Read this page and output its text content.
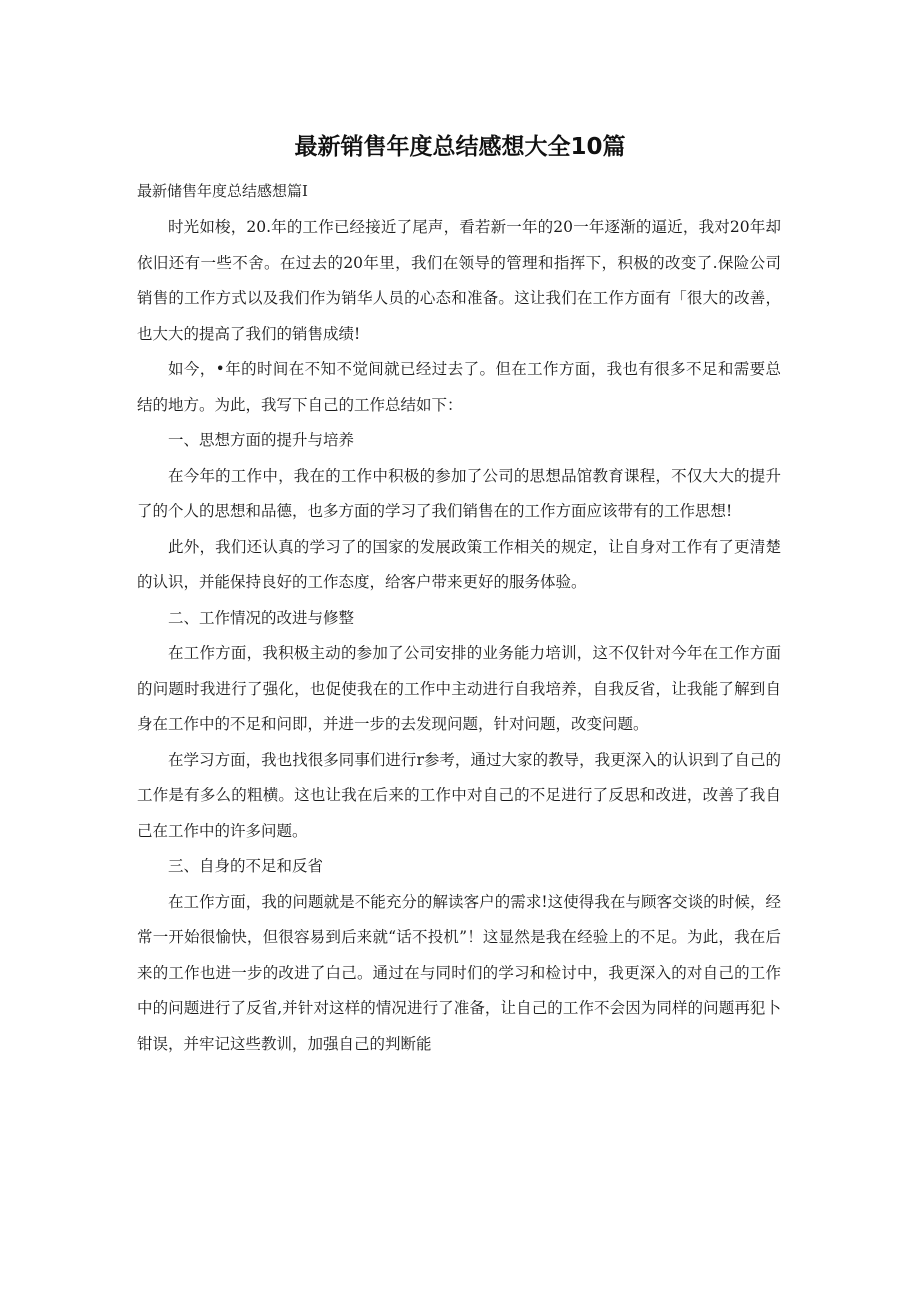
最新销售年度总结感想大全10篇
最新储售年度总结感想篇I

时光如梭，20.年的工作已经接近了尾声，看若新一年的20一年逐渐的逼近，我对20年却依旧还有一些不舍。在过去的20年里，我们在领导的管理和指挥下，积极的改变了.保险公司销售的工作方式以及我们作为销华人员的心态和准备。这让我们在工作方面有「很大的改善，也大大的提高了我们的销售成绩!

如今，•年的时间在不知不觉间就已经过去了。但在工作方面，我也有很多不足和需要总结的地方。为此，我写下自己的工作总结如下：

一、思想方面的提升与培养

在今年的工作中，我在的工作中积极的参加了公司的思想品馆教育课程，不仅大大的提升了的个人的思想和品德，也多方面的学习了我们销售在的工作方面应该带有的工作思想!

此外，我们还认真的学习了的国家的发展政策工作相关的规定，让自身对工作有了更清楚的认识，并能保持良好的工作态度，给客户带来更好的服务体验。

二、工作情况的改进与修整

在工作方面，我积极主动的参加了公司安排的业务能力培训，这不仅针对今年在工作方面的问题时我进行了强化，也促使我在的工作中主动进行自我培养，自我反省，让我能了解到自身在工作中的不足和问即，并进一步的去发现问题，针对问题，改变问题。

在学习方面，我也找很多同事们进行r参考，通过大家的教导，我更深入的认识到了自己的工作是有多么的粗横。这也让我在后来的工作中对自己的不足进行了反思和改进，改善了我自己在工作中的许多问题。

三、自身的不足和反省

在工作方面，我的问题就是不能充分的解读客户的需求!这使得我在与顾客交谈的时候，经常一开始很愉快，但很容易到后来就“话不投机”！这显然是我在经验上的不足。为此，我在后来的工作也进一步的改进了白己。通过在与同时们的学习和检讨中，我更深入的对自己的工作中的问题进行了反省,并针对这样的情况进行了准备，让自己的工作不会因为同样的问题再犯卜钳误，并牢记这些教训，加强自己的判断能
